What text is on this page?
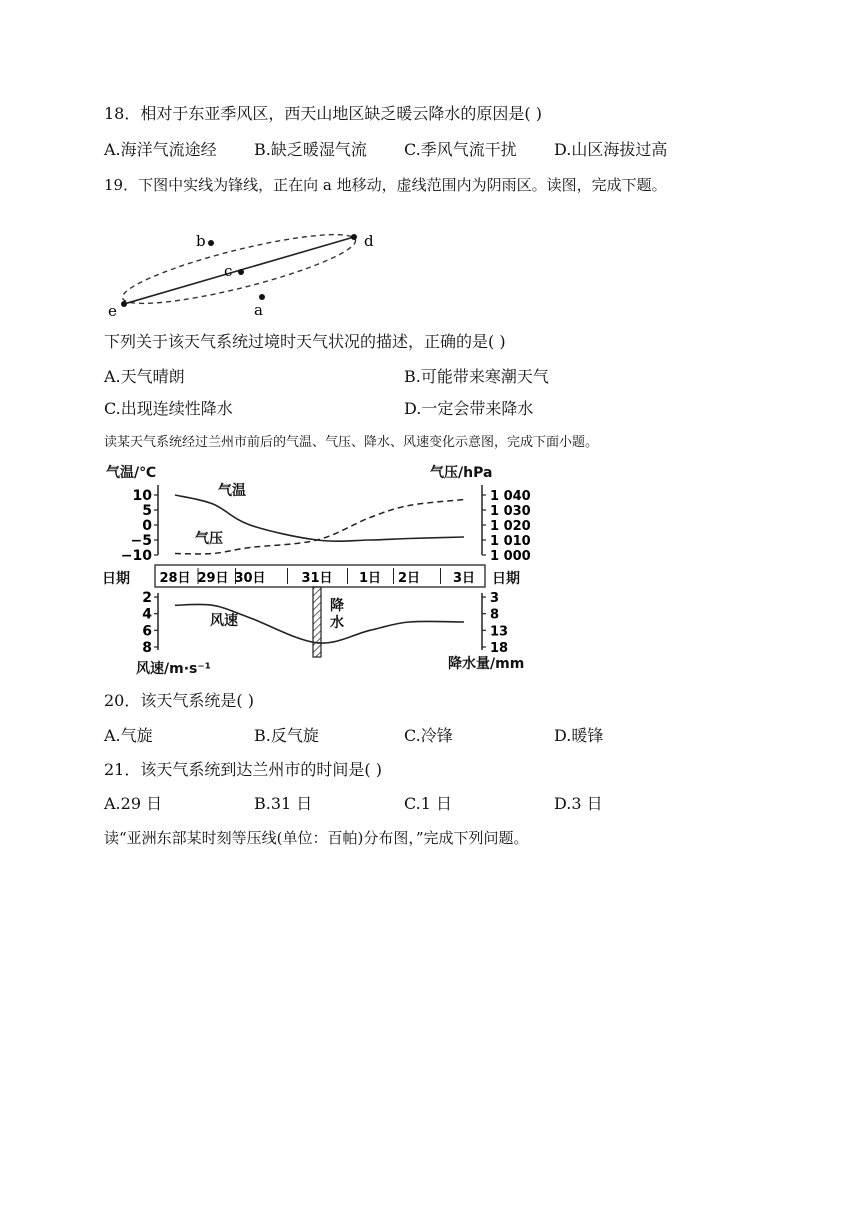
18．相对于东亚季风区，西天山地区缺乏暖云降水的原因是( )
A.海洋气流途经 B.缺乏暖湿气流 C.季风气流干扰 D.山区海拔过高
19．下图中实线为锋线，正在向 a 地移动，虚线范围内为阴雨区。读图，完成下题。
b
c
d
e	a
下列关于该天气系统过境时天气状况的描述，正确的是( )
A.天气晴朗	B.可能带来寒潮天气
C.出现连续性降水	D.一定会带来降水
读某天气系统经过兰州市前后的气温、气压、降水、风速变化示意图，完成下面小题。
气温/℃	气压/hPa
日期	日期
风速/m·s⁻¹	降水量/mm
气温
气压
风速
降
水
10
5
0
−5
−10
1 040
1 030
1 020
1 010
1 000
2
4
6
8
3
8
13
18
28日 29日 30日	31日 1日 2日	3日
20．该天气系统是( )
A.气旋	B.反气旋	C.冷锋	D.暖锋
21．该天气系统到达兰州市的时间是( )
A.29 日	B.31 日	C.1 日	D.3 日
读“亚洲东部某时刻等压线(单位：百帕)分布图，”完成下列问题。
